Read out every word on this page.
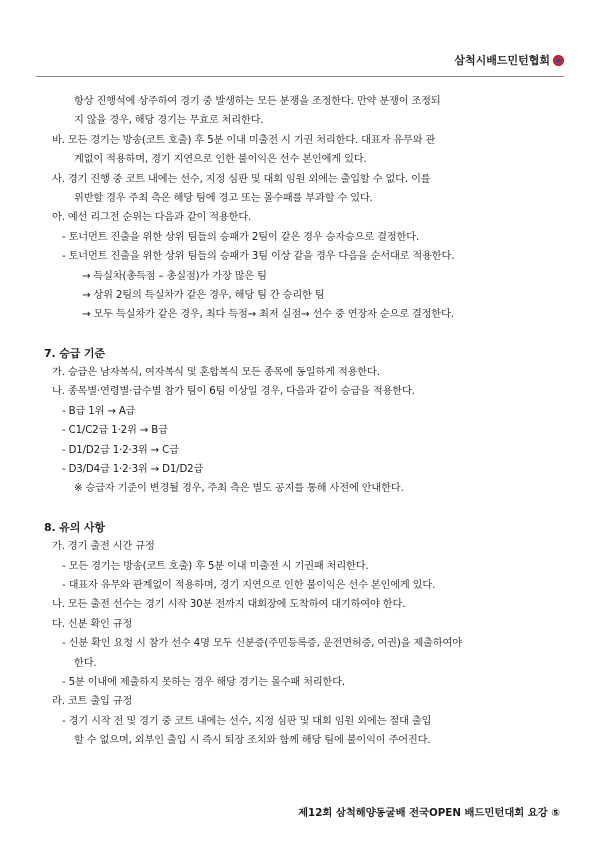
삼척시배드민턴협회
항상 진행석에 상주하여 경기 중 발생하는 모든 분쟁을 조정한다. 만약 분쟁이 조정되
지 않을 경우, 해당 경기는 무효로 처리한다.
바. 모든 경기는 방송(코트 호출) 후 5분 이내 미출전 시 기권 처리한다. 대표자 유무와 관
계없이 적용하며, 경기 지연으로 인한 불이익은 선수 본인에게 있다.
사. 경기 진행 중 코트 내에는 선수, 지정 심판 및 대회 임원 외에는 출입할 수 없다. 이를
위반할 경우 주최 측은 해당 팀에 경고 또는 몰수패를 부과할 수 있다.
아. 예선 리그전 순위는 다음과 같이 적용한다.
- 토너먼트 진출을 위한 상위 팀들의 승패가 2팀이 같은 경우 승자승으로 결정한다.
- 토너먼트 진출을 위한 상위 팀들의 승패가 3팀 이상 같을 경우 다음을 순서대로 적용한다.
→ 득실차(총득점 – 총실점)가 가장 많은 팀
→ 상위 2팀의 득실차가 같은 경우, 해당 팀 간 승리한 팀
→ 모두 득실차가 같은 경우, 최다 득점→ 최저 실점→ 선수 중 연장자 순으로 결정한다.
7. 승급 기준
가. 승급은 남자복식, 여자복식 및 혼합복식 모든 종목에 동일하게 적용한다.
나. 종목별·연령별·급수별 참가 팀이 6팀 이상일 경우, 다음과 같이 승급을 적용한다.
- B급 1위 → A급
- C1/C2급 1·2위 → B급
- D1/D2급 1·2·3위 → C급
- D3/D4급 1·2·3위 → D1/D2급
※ 승급자 기준이 변경될 경우, 주최 측은 별도 공지를 통해 사전에 안내한다.
8. 유의 사항
가. 경기 출전 시간 규정
- 모든 경기는 방송(코트 호출) 후 5분 이내 미출전 시 기권패 처리한다.
- 대표자 유무와 관계없이 적용하며, 경기 지연으로 인한 불이익은 선수 본인에게 있다.
나. 모든 출전 선수는 경기 시작 30분 전까지 대회장에 도착하여 대기하여야 한다.
다. 신분 확인 규정
- 신분 확인 요청 시 참가 선수 4명 모두 신분증(주민등록증, 운전면허증, 여권)을 제출하여야
한다.
- 5분 이내에 제출하지 못하는 경우 해당 경기는 몰수패 처리한다.
라. 코트 출입 규정
- 경기 시작 전 및 경기 중 코트 내에는 선수, 지정 심판 및 대회 임원 외에는 절대 출입
할 수 없으며, 외부인 출입 시 즉시 퇴장 조치와 함께 해당 팀에 불이익이 주어진다.
제12회 삼척해양동굴배 전국OPEN 배드민턴대회 요강 ⑤
